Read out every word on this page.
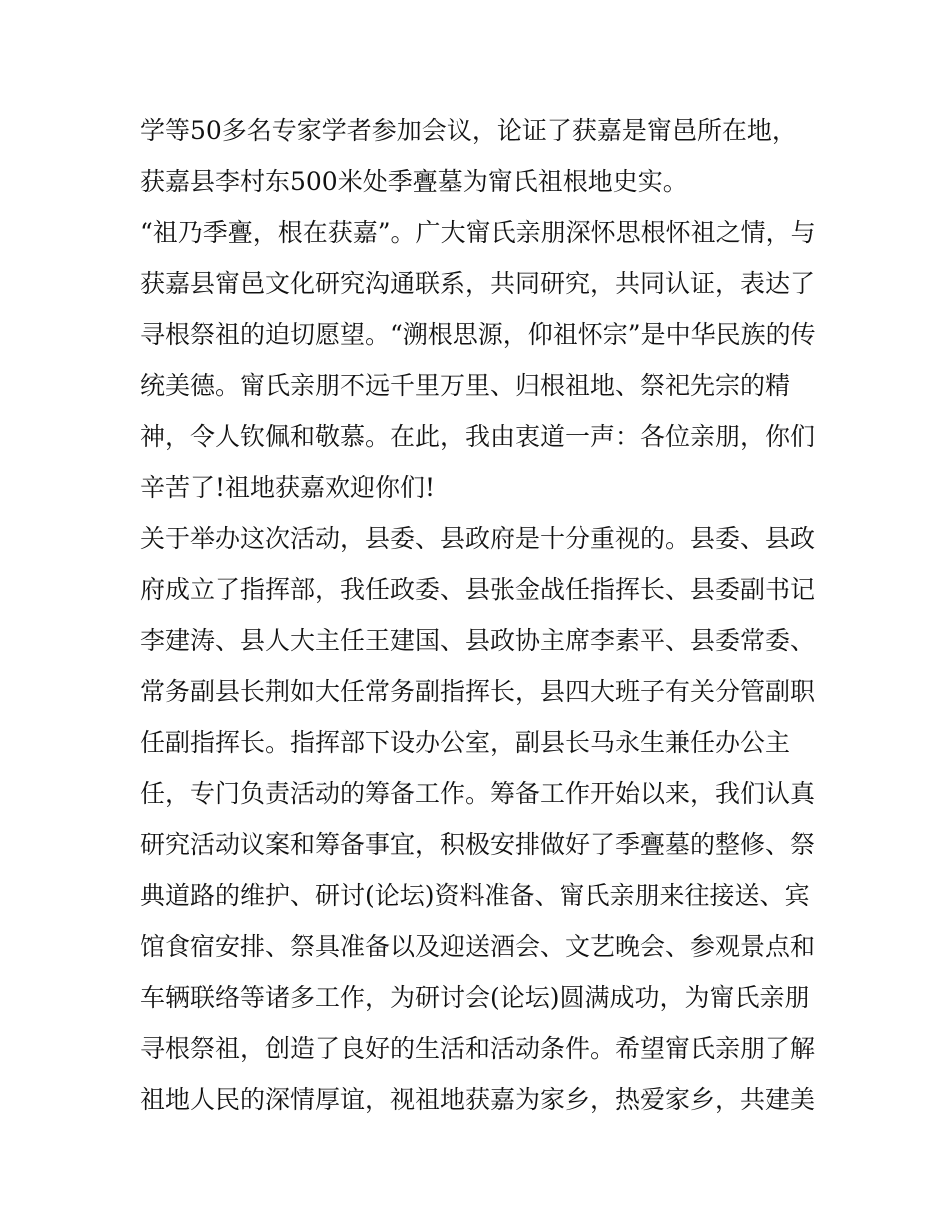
学等50多名专家学者参加会议，论证了获嘉是甯邑所在地，
获嘉县李村东500米处季亹墓为甯氏祖根地史实。
“祖乃季亹，根在获嘉”。广大甯氏亲朋深怀思根怀祖之情，与
获嘉县甯邑文化研究沟通联系，共同研究，共同认证，表达了
寻根祭祖的迫切愿望。“溯根思源，仰祖怀宗”是中华民族的传
统美德。甯氏亲朋不远千里万里、归根祖地、祭祀先宗的精
神，令人钦佩和敬慕。在此，我由衷道一声：各位亲朋，你们
辛苦了!祖地获嘉欢迎你们!
关于举办这次活动，县委、县政府是十分重视的。县委、县政
府成立了指挥部，我任政委、县张金战任指挥长、县委副书记
李建涛、县人大主任王建国、县政协主席李素平、县委常委、
常务副县长荆如大任常务副指挥长，县四大班子有关分管副职
任副指挥长。指挥部下设办公室，副县长马永生兼任办公主
任，专门负责活动的筹备工作。筹备工作开始以来，我们认真
研究活动议案和筹备事宜，积极安排做好了季亹墓的整修、祭
典道路的维护、研讨(论坛)资料准备、甯氏亲朋来往接送、宾
馆食宿安排、祭具准备以及迎送酒会、文艺晚会、参观景点和
车辆联络等诸多工作，为研讨会(论坛)圆满成功，为甯氏亲朋
寻根祭祖，创造了良好的生活和活动条件。希望甯氏亲朋了解
祖地人民的深情厚谊，视祖地获嘉为家乡，热爱家乡，共建美
